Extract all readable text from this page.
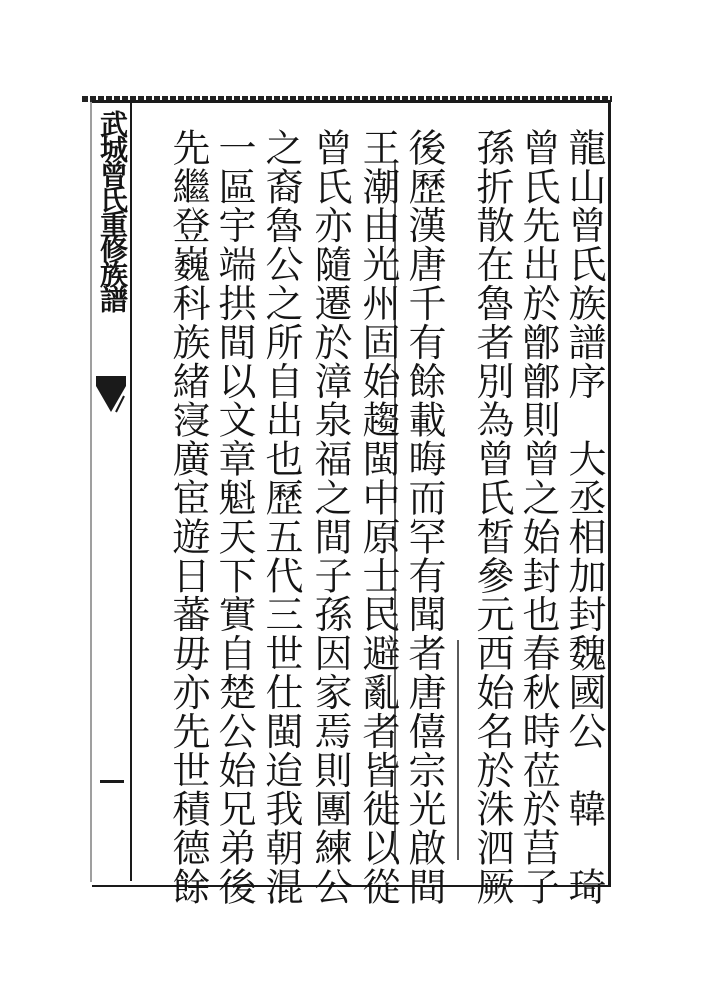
武城曾氏重修族譜	龍山曾氏族譜序　大丞相加封魏國公　韓　琦
曾氏先出於鄫鄫則曾之始封也春秋時莅於莒子
孫折散在魯者別為曾氏皙參元西始名於洙泗厥
後歷漢唐千有餘載晦而罕有聞者唐僖宗光啟間
王潮由光州固始趨閩中原士民避亂者皆徙以從
曾氏亦隨遷於漳泉福之間子孫因家焉則團練公
之裔魯公之所自出也歷五代三世仕閩迨我朝混
一區宇端拱間以文章魁天下實自楚公始兄弟後
先繼登巍科族緒寖廣宦遊日蕃毋亦先世積德餘
